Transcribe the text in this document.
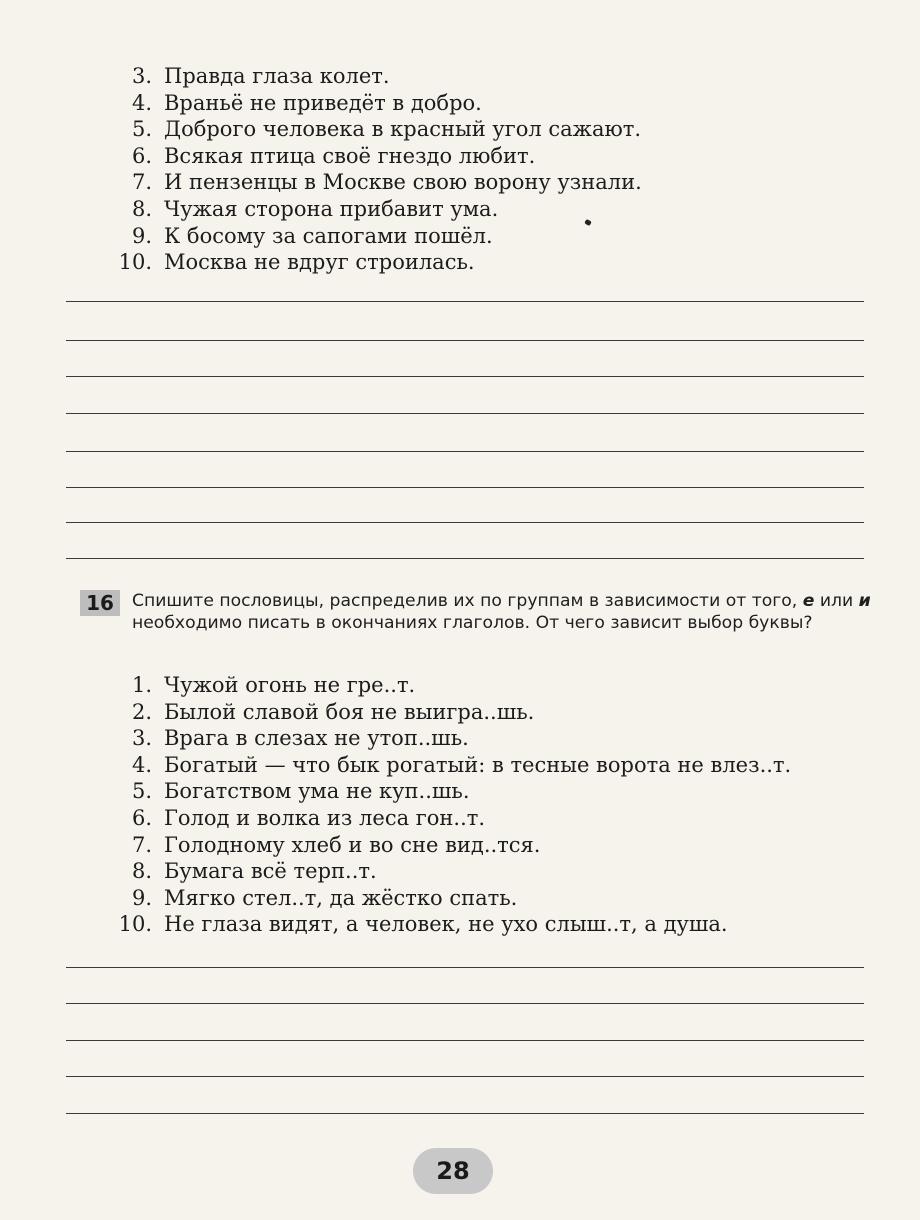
3. Правда глаза колет.
4. Враньё не приведёт в добро.
5. Доброго человека в красный угол сажают.
6. Всякая птица своё гнездо любит.
7. И пензенцы в Москве свою ворону узнали.
8. Чужая сторона прибавит ума.
9. К босому за сапогами пошёл.
10. Москва не вдруг строилась.
16	Спишите пословицы, распределив их по группам в зависимости от того, е или и необходимо писать в окончаниях глаголов. От чего зависит выбор буквы?
1. Чужой огонь не гре..т.
2. Былой славой боя не выигра..шь.
3. Врага в слезах не утоп..шь.
4. Богатый — что бык рогатый: в тесные ворота не влез..т.
5. Богатством ума не куп..шь.
6. Голод и волка из леса гон..т.
7. Голодному хлеб и во сне вид..тся.
8. Бумага всё терп..т.
9. Мягко стел..т, да жёстко спать.
10. Не глаза видят, а человек, не ухо слыш..т, а душа.
28
